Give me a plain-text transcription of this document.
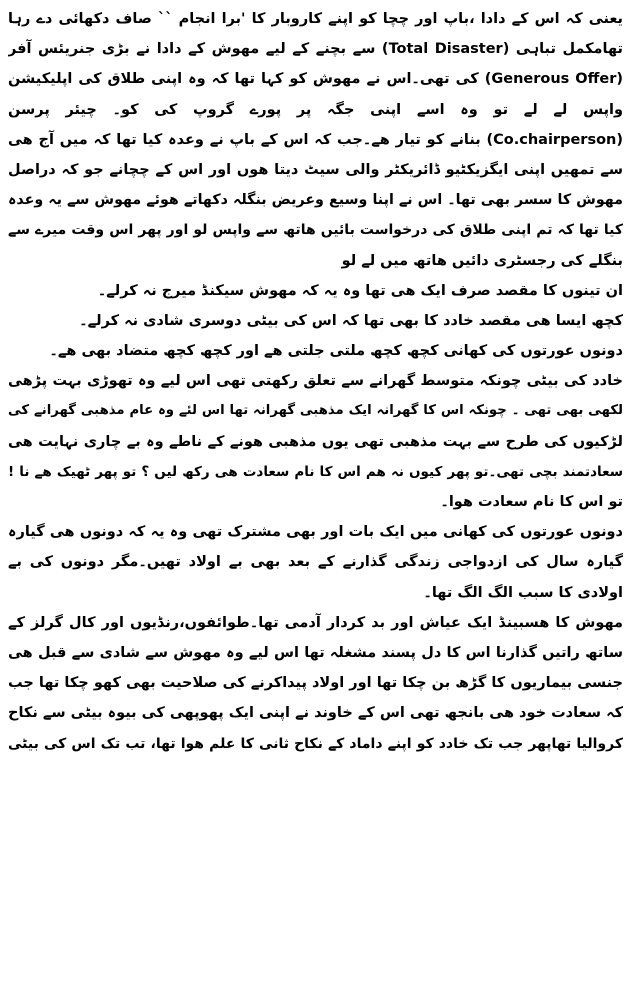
یعنی کہ اس کے دادا ،باپ اور چچا کو اپنے کاروبار کا 'برا انجام `` صاف دکھائی دے رہا
تھامکمل تباہی (Total Disaster) سے بچنے کے لیے مھوش کے دادا نے بڑی جنریئس آفر
(Generous Offer) کی تھی۔اس نے مھوش کو کہا تھا کہ وہ اپنی طلاق کی اپلیکیشن
واپس لے لے تو وہ اسے اپنی جگہ پر پورے گروپ کی کو۔ چیئر پرسن
(Co.chairperson) بنانے کو تیار ھے۔جب کہ اس کے باپ نے وعدہ کیا تھا کہ میں آج ھی
سے تمھیں اپنی ایگزیکٹیو ڈائریکٹر والی سیٹ دیتا ھوں اور اس کے چچانے جو کہ دراصل
مھوش کا سسر بھی تھا۔ اس نے اپنا وسیع وعریض بنگلہ دکھاتے ھوئے مھوش سے یہ وعدہ
کیا تھا کہ تم اپنی طلاق کی درخواست بائیں ھاتھ سے واپس لو اور پھر اس وقت میرے سے
بنگلے کی رجسٹری دائیں ھاتھ میں لے لو
ان تینوں کا مقصد صرف ایک ھی تھا وہ یہ کہ مھوش سیکنڈ میرج نہ کرلے۔
کچھ ایسا ھی مقصد خادد کا بھی تھا کہ اس کی بیٹی دوسری شادی نہ کرلے۔
دونوں عورتوں کی کھانی کچھ کچھ ملتی جلتی ھے اور کچھ کچھ متضاد بھی ھے۔
خادد کی بیٹی چونکہ متوسط گھرانے سے تعلق رکھتی تھی اس لیے وہ تھوڑی بہت پڑھی
لکھی بھی تھی ۔ چونکہ اس کا گھرانہ ایک مذھبی گھرانہ تھا اس لئے وہ عام مذھبی گھرانے کی
لڑکیوں کی طرح سے بہت مذھبی تھی یوں مذھبی ھونے کے ناطے وہ بے چاری نہایت ھی
سعادتمند بچی تھی۔تو پھر کیوں نہ ھم اس کا نام سعادت ھی رکھ لیں ؟ تو پھر ٹھیک ھے نا !
تو اس کا نام سعادت ھوا۔
دونوں عورتوں کی کھانی میں ایک بات اور بھی مشترک تھی وہ یہ کہ دونوں ھی گیارہ
گیارہ سال کی ازدواجی زندگی گذارنے کے بعد بھی بے اولاد تھیں۔مگر دونوں کی بے
اولادی کا سبب الگ الگ تھا۔
مھوش کا ھسبینڈ ایک عیاش اور بد کردار آدمی تھا۔طوائفوں،رنڈیوں اور کال گرلز کے
ساتھ راتیں گذارنا اس کا دل پسند مشغلہ تھا اس لیے وہ مھوش سے شادی سے قبل ھی
جنسی بیماریوں کا گڑھ بن چکا تھا اور اولاد پیداکرنے کی صلاحیت بھی کھو چکا تھا جب
کہ سعادت خود ھی بانجھ تھی اس کے خاوند نے اپنی ایک پھوپھی کی بیوہ بیٹی سے نکاح
کروالیا تھاپھر جب تک خادد کو اپنے داماد کے نکاح ثانی کا علم ھوا تھا، تب تک اس کی بیٹی
